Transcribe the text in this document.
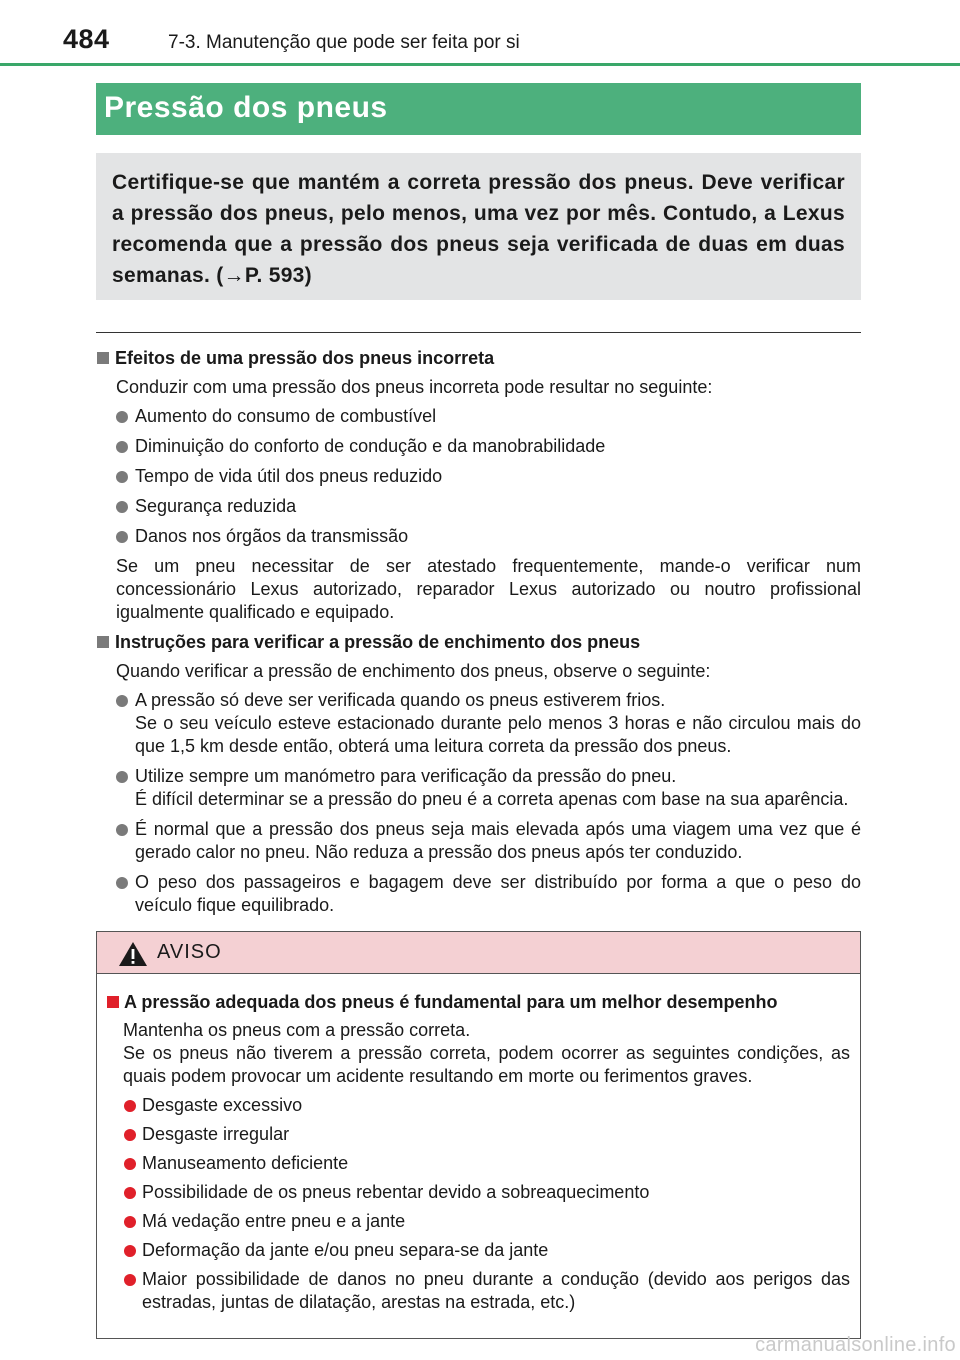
484	7-3. Manutenção que pode ser feita por si
Pressão dos pneus

Certifique-se que mantém a correta pressão dos pneus. Deve verificar a pressão dos pneus, pelo menos, uma vez por mês. Contudo, a Lexus recomenda que a pressão dos pneus seja verificada de duas em duas semanas. (→P. 593)

Efeitos de uma pressão dos pneus incorreta

Conduzir com uma pressão dos pneus incorreta pode resultar no seguinte:

Aumento do consumo de combustível
Diminuição do conforto de condução e da manobrabilidade
Tempo de vida útil dos pneus reduzido
Segurança reduzida
Danos nos órgãos da transmissão

Se um pneu necessitar de ser atestado frequentemente, mande-o verificar num concessionário Lexus autorizado, reparador Lexus autorizado ou noutro profissional igualmente qualificado e equipado.

Instruções para verificar a pressão de enchimento dos pneus

Quando verificar a pressão de enchimento dos pneus, observe o seguinte:

A pressão só deve ser verificada quando os pneus estiverem frios.
Se o seu veículo esteve estacionado durante pelo menos 3 horas e não circulou mais do que 1,5 km desde então, obterá uma leitura correta da pressão dos pneus.
Utilize sempre um manómetro para verificação da pressão do pneu.
É difícil determinar se a pressão do pneu é a correta apenas com base na sua aparência.
É normal que a pressão dos pneus seja mais elevada após uma viagem uma vez que é gerado calor no pneu. Não reduza a pressão dos pneus após ter conduzido.
O peso dos passageiros e bagagem deve ser distribuído por forma a que o peso do veículo fique equilibrado.
AVISO
A pressão adequada dos pneus é fundamental para um melhor desempenho

Mantenha os pneus com a pressão correta.
Se os pneus não tiverem a pressão correta, podem ocorrer as seguintes condições, as quais podem provocar um acidente resultando em morte ou ferimentos graves.

Desgaste excessivo
Desgaste irregular
Manuseamento deficiente
Possibilidade de os pneus rebentar devido a sobreaquecimento
Má vedação entre pneu e a jante
Deformação da jante e/ou pneu separa-se da jante
Maior possibilidade de danos no pneu durante a condução (devido aos perigos das estradas, juntas de dilatação, arestas na estrada, etc.)
carmanualsonline.info
